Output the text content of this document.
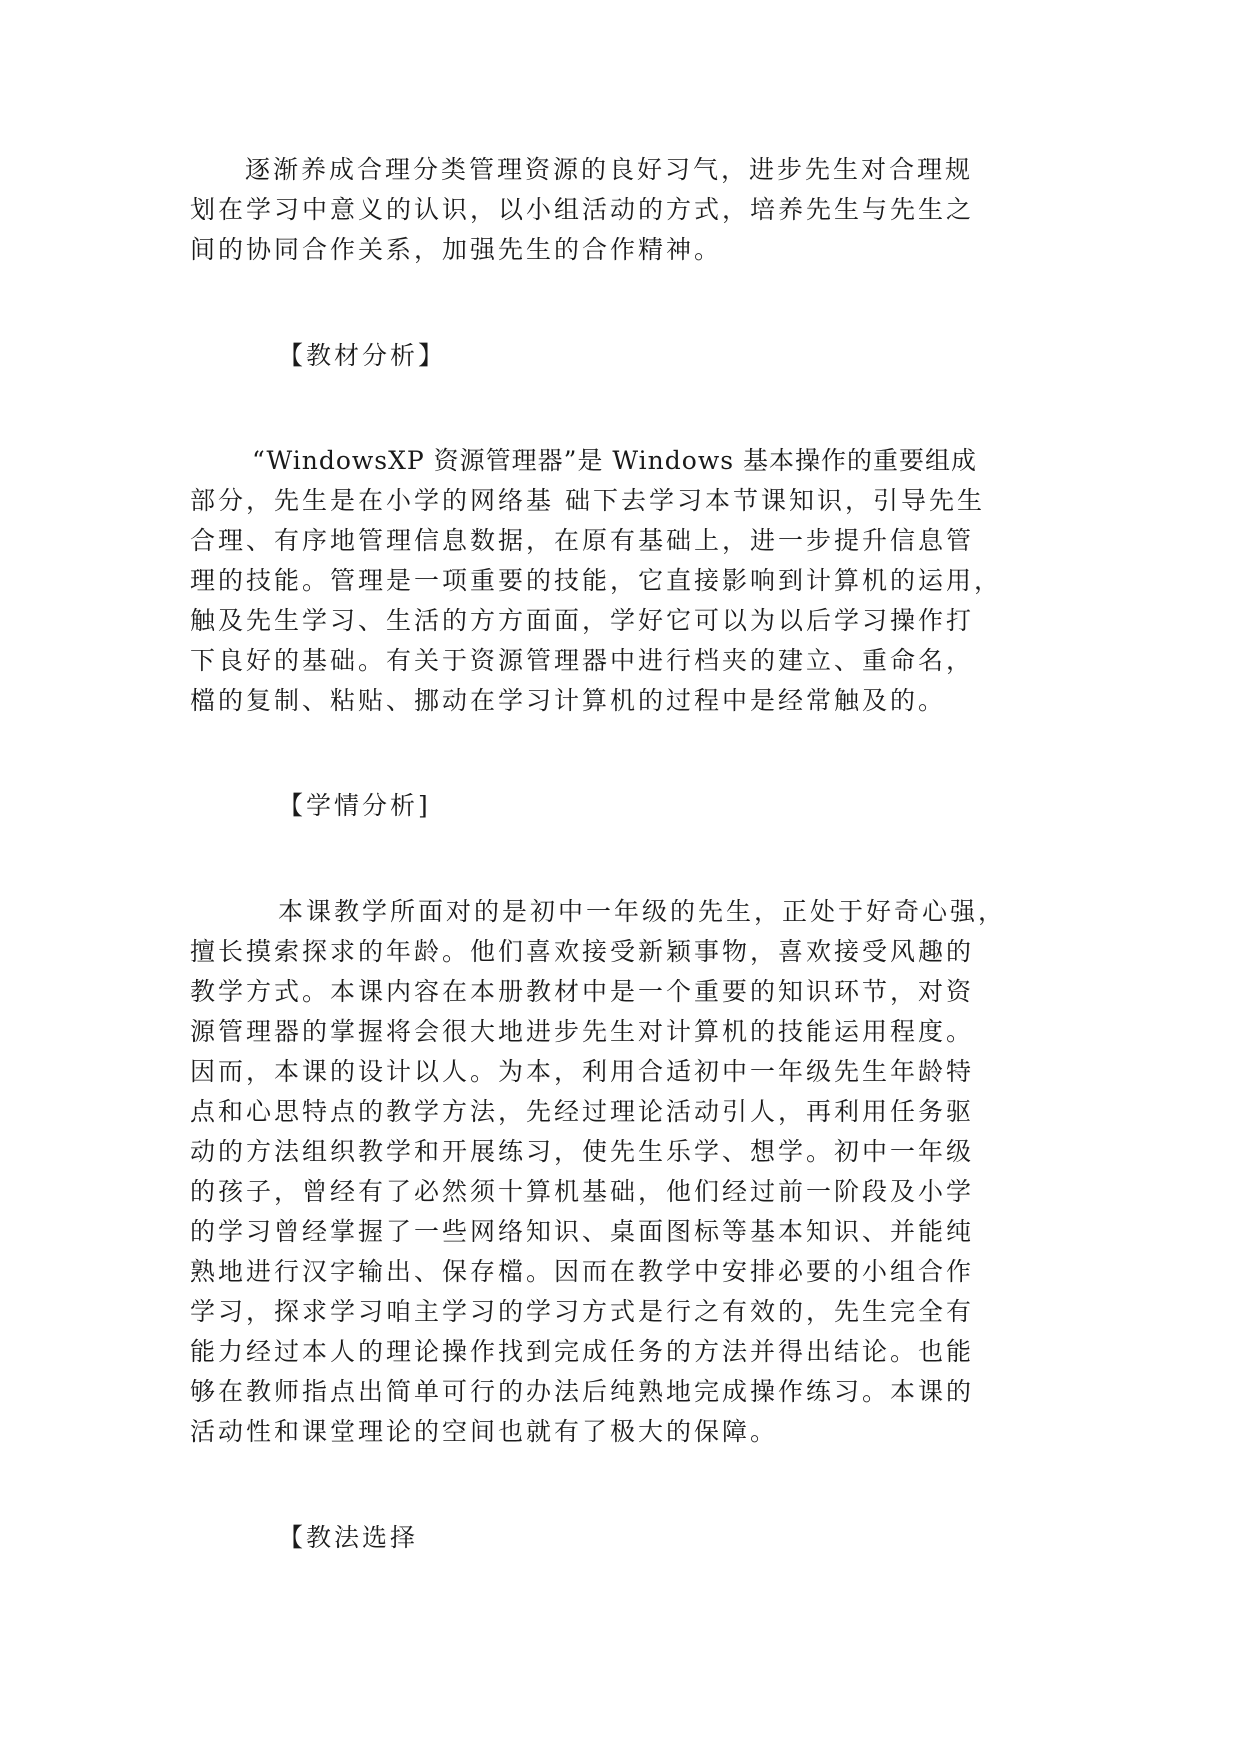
逐渐养成合理分类管理资源的良好习气，进步先生对合理规
划在学习中意义的认识，以小组活动的方式，培养先生与先生之
间的协同合作关系，加强先生的合作精神。
【教材分析】
“WindowsXP 资源管理器”是 Windows 基本操作的重要组成
部分，先生是在小学的网络基 础下去学习本节课知识，引导先生
合理、有序地管理信息数据，在原有基础上，进一步提升信息管
理的技能。管理是一项重要的技能，它直接影响到计算机的运用，
触及先生学习、生活的方方面面，学好它可以为以后学习操作打
下良好的基础。有关于资源管理器中进行档夹的建立、重命名，
檔的复制、粘贴、挪动在学习计算机的过程中是经常触及的。
【学情分析]
本课教学所面对的是初中一年级的先生，正处于好奇心强，
擅长摸索探求的年龄。他们喜欢接受新颖事物，喜欢接受风趣的
教学方式。本课内容在本册教材中是一个重要的知识环节，对资
源管理器的掌握将会很大地进步先生对计算机的技能运用程度。
因而，本课的设计以人。为本，利用合适初中一年级先生年龄特
点和心思特点的教学方法，先经过理论活动引人，再利用任务驱
动的方法组织教学和开展练习，使先生乐学、想学。初中一年级
的孩子，曾经有了必然须十算机基础，他们经过前一阶段及小学
的学习曾经掌握了一些网络知识、桌面图标等基本知识、并能纯
熟地进行汉字输出、保存檔。因而在教学中安排必要的小组合作
学习，探求学习咱主学习的学习方式是行之有效的，先生完全有
能力经过本人的理论操作找到完成任务的方法并得出结论。也能
够在教师指点出简单可行的办法后纯熟地完成操作练习。本课的
活动性和课堂理论的空间也就有了极大的保障。
【教法选择
